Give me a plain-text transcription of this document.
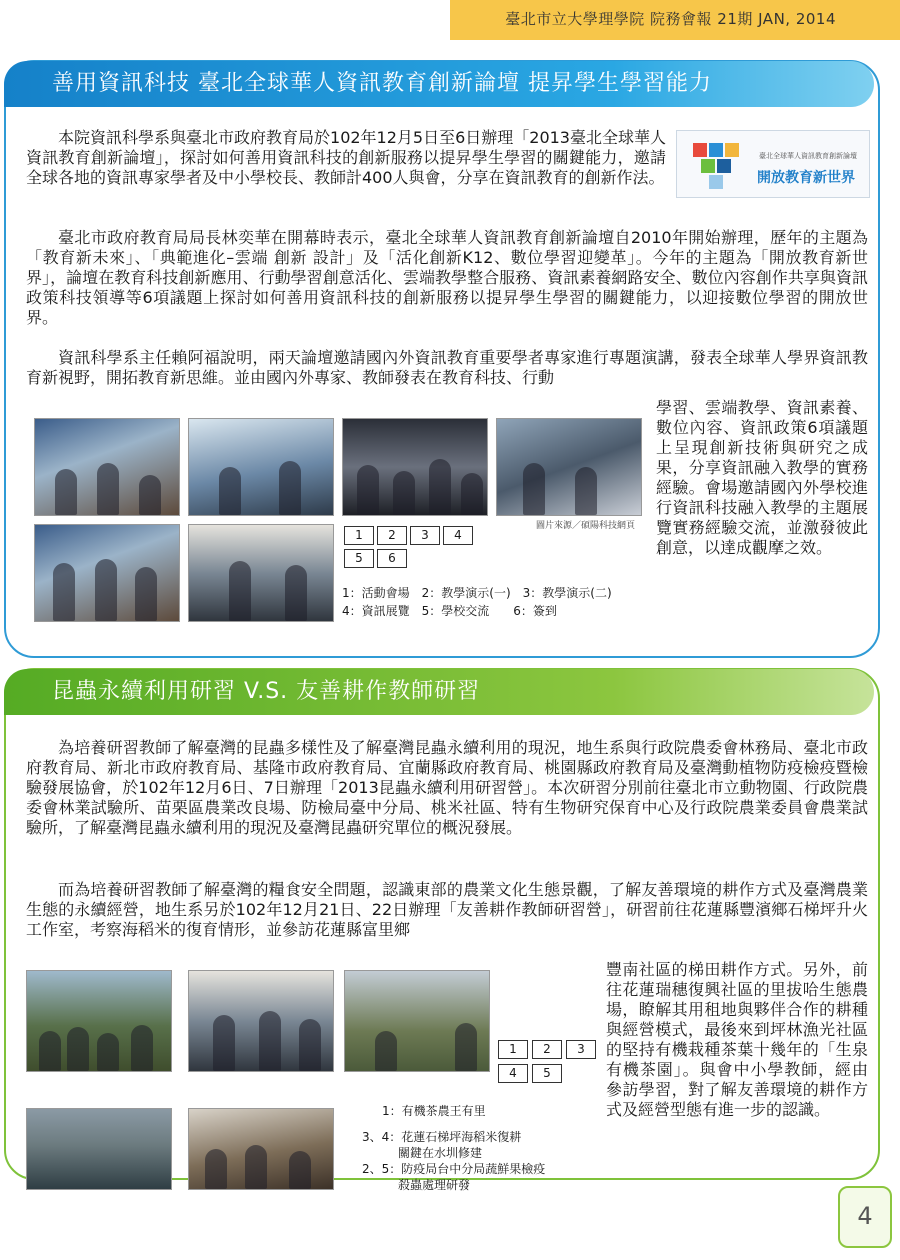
臺北市立大學理學院 院務會報 21期 JAN, 2014
善用資訊科技 臺北全球華人資訊教育創新論壇 提昇學生學習能力
臺北全球華人資訊教育創新論壇
開放教育新世界

本院資訊科學系與臺北市政府教育局於102年12月5日至6日辦理「2013臺北全球華人資訊教育創新論壇」，探討如何善用資訊科技的創新服務以提昇學生學習的關鍵能力，邀請全球各地的資訊專家學者及中小學校長、教師計400人與會，分享在資訊教育的創新作法。

臺北市政府教育局局長林奕華在開幕時表示，臺北全球華人資訊教育創新論壇自2010年開始辦理，歷年的主題為「教育新未來」、「典範進化–雲端 創新 設計」及「活化創新K12、數位學習迎變革」。今年的主題為「開放教育新世界」，論壇在教育科技創新應用、行動學習創意活化、雲端教學整合服務、資訊素養網路安全、數位內容創作共享與資訊政策科技領導等6項議題上探討如何善用資訊科技的創新服務以提昇學生學習的關鍵能力，以迎接數位學習的開放世界。

資訊科學系主任賴阿福說明，兩天論壇邀請國內外資訊教育重要學者專家進行專題演講，發表全球華人學界資訊教育新視野，開拓教育新思維。並由國內外專家、教師發表在教育科技、行動

學習、雲端教學、資訊素養、數位內容、資訊政策6項議題上呈現創新技術與研究之成果，分享資訊融入教學的實務經驗。會場邀請國內外學校進行資訊科技融入教學的主題展覽實務經驗交流，並激發彼此創意，以達成觀摩之效。

1	2	3	4
5	6
圖片來源／碩陽科技網頁
1：活動會場　2：教學演示(一)　3：教學演示(二)
4：資訊展覽　5：學校交流　　6：簽到
昆蟲永續利用研習 V.S. 友善耕作教師研習

為培養研習教師了解臺灣的昆蟲多樣性及了解臺灣昆蟲永續利用的現況，地生系與行政院農委會林務局、臺北市政府教育局、新北市政府教育局、基隆市政府教育局、宜蘭縣政府教育局、桃園縣政府教育局及臺灣動植物防疫檢疫暨檢驗發展協會，於102年12月6日、7日辦理「2013昆蟲永續利用研習營」。本次研習分別前往臺北市立動物園、行政院農委會林業試驗所、苗栗區農業改良場、防檢局臺中分局、桃米社區、特有生物研究保育中心及行政院農業委員會農業試驗所，了解臺灣昆蟲永續利用的現況及臺灣昆蟲研究單位的概況發展。

而為培養研習教師了解臺灣的糧食安全問題，認識東部的農業文化生態景觀，了解友善環境的耕作方式及臺灣農業生態的永續經營，地生系另於102年12月21日、22日辦理「友善耕作教師研習營」，研習前往花蓮縣豐濱鄉石梯坪升火工作室，考察海稻米的復育情形，並參訪花蓮縣富里鄉

豐南社區的梯田耕作方式。另外，前往花蓮瑞穗復興社區的里拔哈生態農場，瞭解其用租地與夥伴合作的耕種與經營模式，最後來到坪林漁光社區的堅持有機栽種茶葉十幾年的「生泉有機茶園」。與會中小學教師，經由參訪學習，對了解友善環境的耕作方式及經營型態有進一步的認識。

1	2	3
4	5
1：有機茶農王有里
3、4：花蓮石梯坪海稻米復耕
　　　關鍵在水圳修建
2、5：防疫局台中分局蔬鮮果檢疫
　　　殺蟲處理研發
4
